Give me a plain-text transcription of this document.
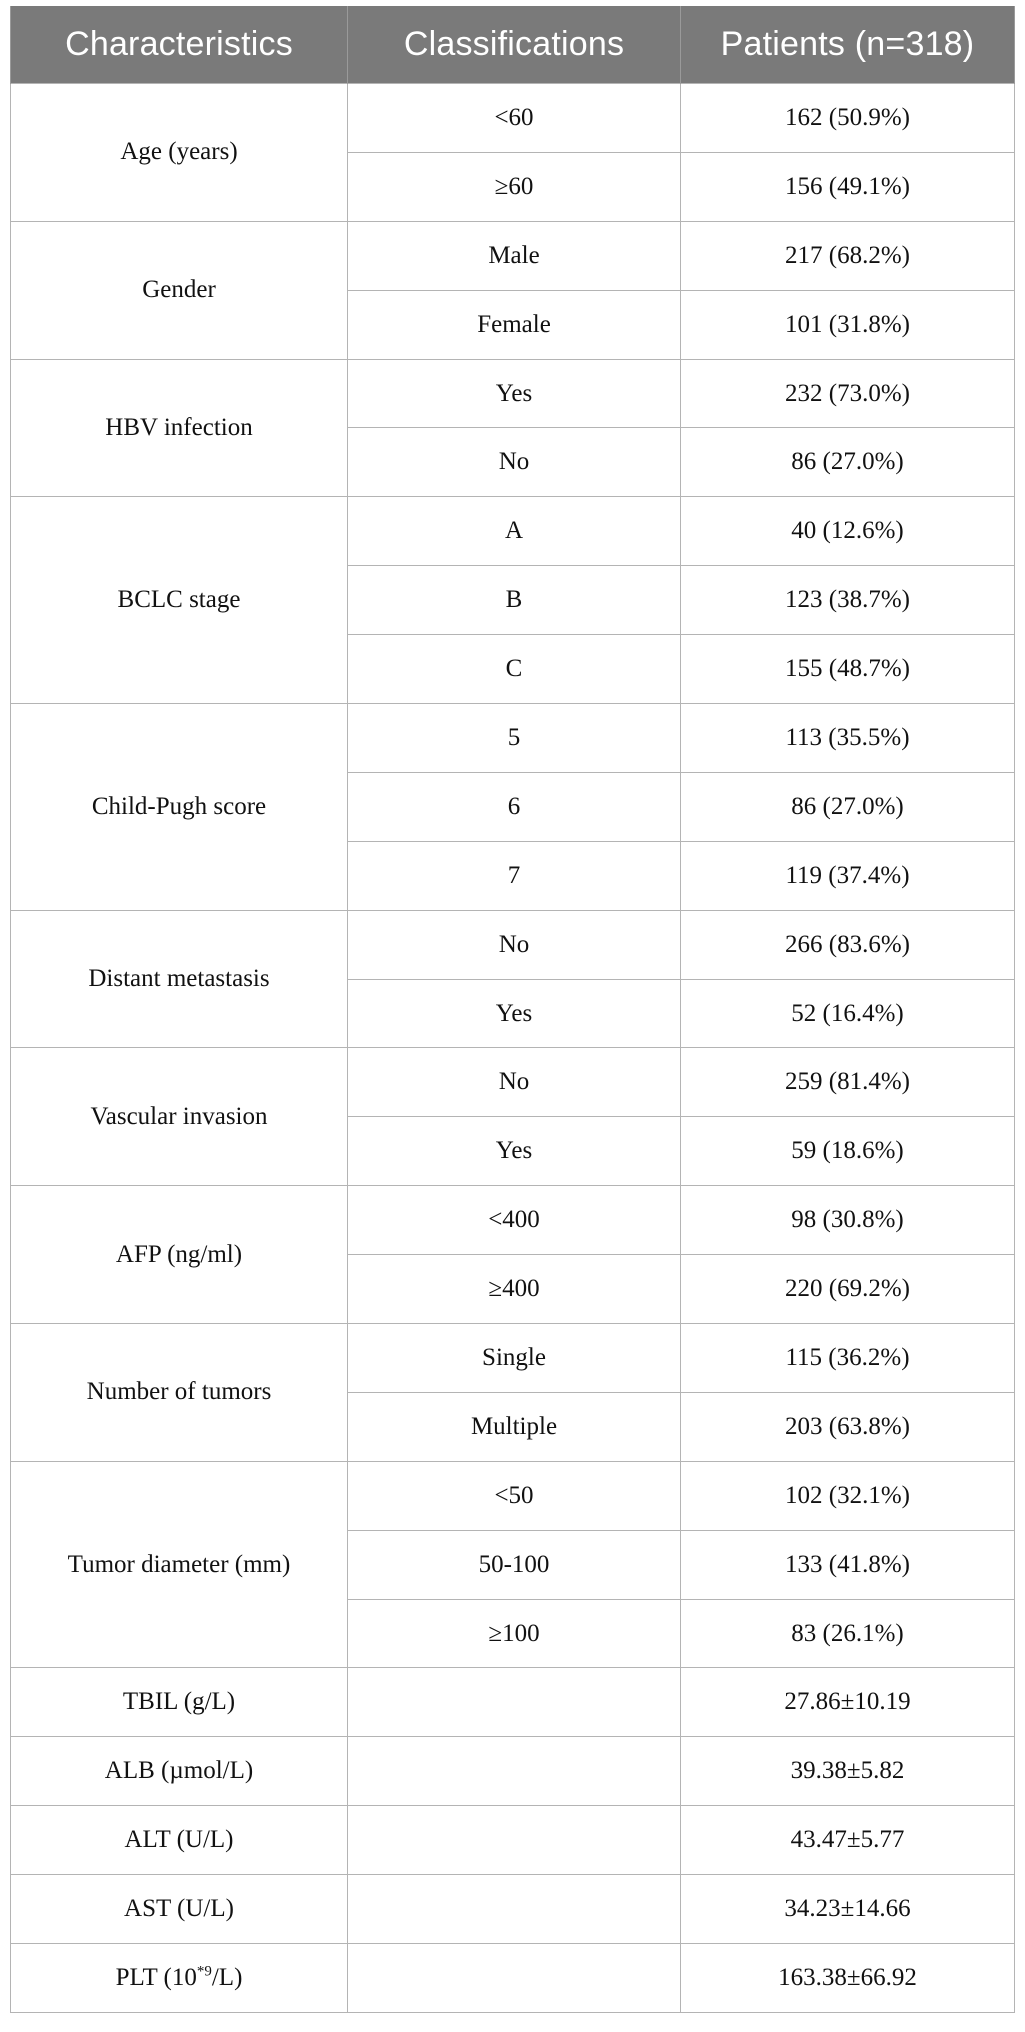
Characteristics	Classifications	Patients (n=318)
Age (years)	<60	162 (50.9%)
	≥60	156 (49.1%)
Gender	Male	217 (68.2%)
	Female	101 (31.8%)
HBV infection	Yes	232 (73.0%)
	No	86 (27.0%)
BCLC stage	A	40 (12.6%)
	B	123 (38.7%)
	C	155 (48.7%)
Child-Pugh score	5	113 (35.5%)
	6	86 (27.0%)
	7	119 (37.4%)
Distant metastasis	No	266 (83.6%)
	Yes	52 (16.4%)
Vascular invasion	No	259 (81.4%)
	Yes	59 (18.6%)
AFP (ng/ml)	<400	98 (30.8%)
	≥400	220 (69.2%)
Number of tumors	Single	115 (36.2%)
	Multiple	203 (63.8%)
Tumor diameter (mm)	<50	102 (32.1%)
	50-100	133 (41.8%)
	≥100	83 (26.1%)
TBIL (g/L)		27.86±10.19
ALB (µmol/L)		39.38±5.82
ALT (U/L)		43.47±5.77
AST (U/L)		34.23±14.66
PLT (10$^{*9}$/L)		163.38±66.92
